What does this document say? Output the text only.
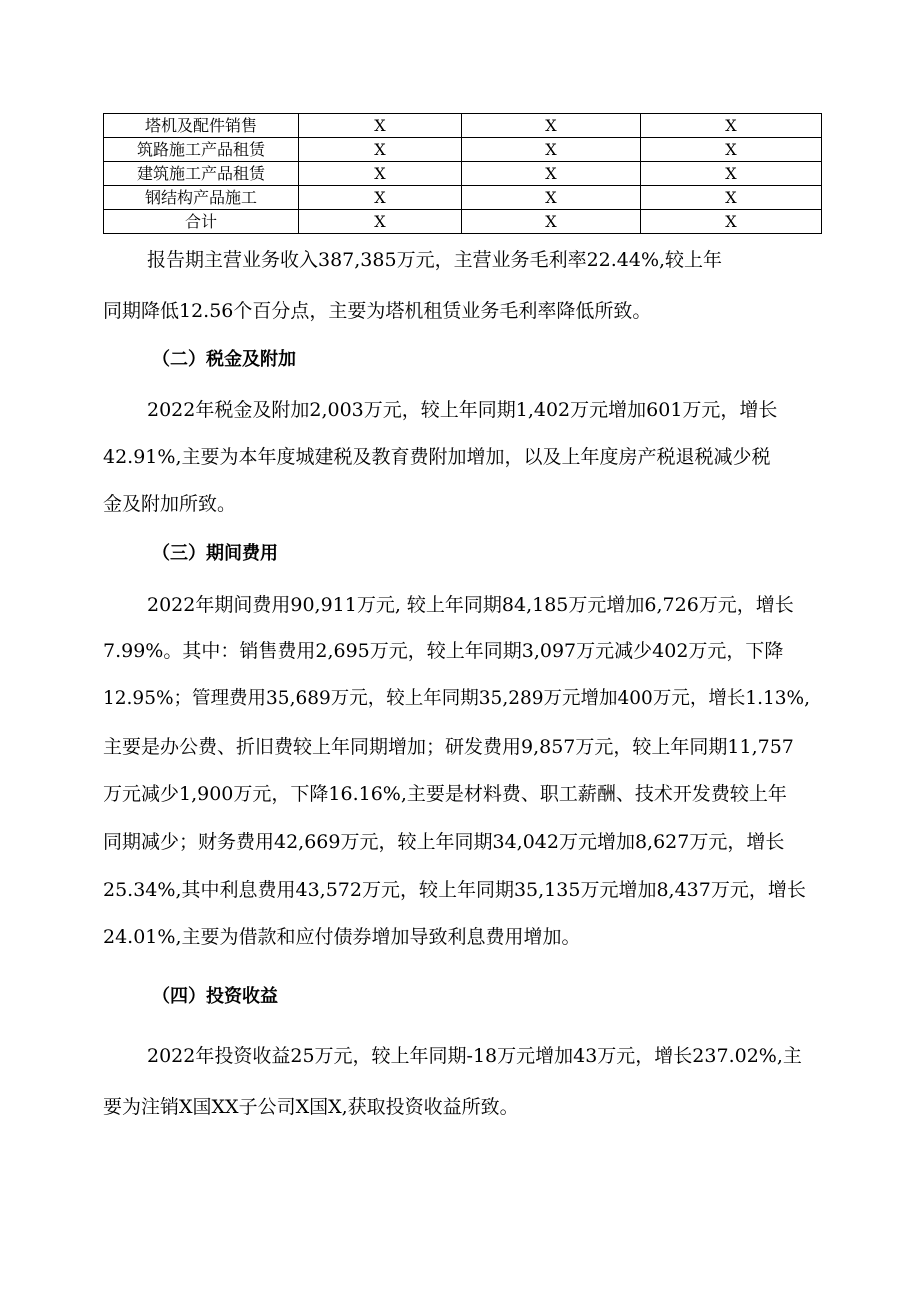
塔机及配件销售	X	X	X
筑路施工产品租赁	X	X	X
建筑施工产品租赁	X	X	X
钢结构产品施工	X	X	X
合计	X	X	X
报告期主营业务收入387,385万元，主营业务毛利率22.44%,较上年
同期降低12.56个百分点，主要为塔机租赁业务毛利率降低所致。
（二）税金及附加
2022年税金及附加2,003万元，较上年同期1,402万元增加601万元，增长
42.91%,主要为本年度城建税及教育费附加增加，以及上年度房产税退税减少税
金及附加所致。
（三）期间费用
2022年期间费用90,911万元, 较上年同期84,185万元增加6,726万元，增长
7.99%。其中：销售费用2,695万元，较上年同期3,097万元减少402万元，下降
12.95%；管理费用35,689万元，较上年同期35,289万元增加400万元，增长1.13%,
主要是办公费、折旧费较上年同期增加；研发费用9,857万元，较上年同期11,757
万元减少1,900万元，下降16.16%,主要是材料费、职工薪酬、技术开发费较上年
同期减少；财务费用42,669万元，较上年同期34,042万元增加8,627万元，增长
25.34%,其中利息费用43,572万元，较上年同期35,135万元增加8,437万元，增长
24.01%,主要为借款和应付债券增加导致利息费用增加。
（四）投资收益
2022年投资收益25万元，较上年同期-18万元增加43万元，增长237.02%,主
要为注销X国XX子公司X国X,获取投资收益所致。
